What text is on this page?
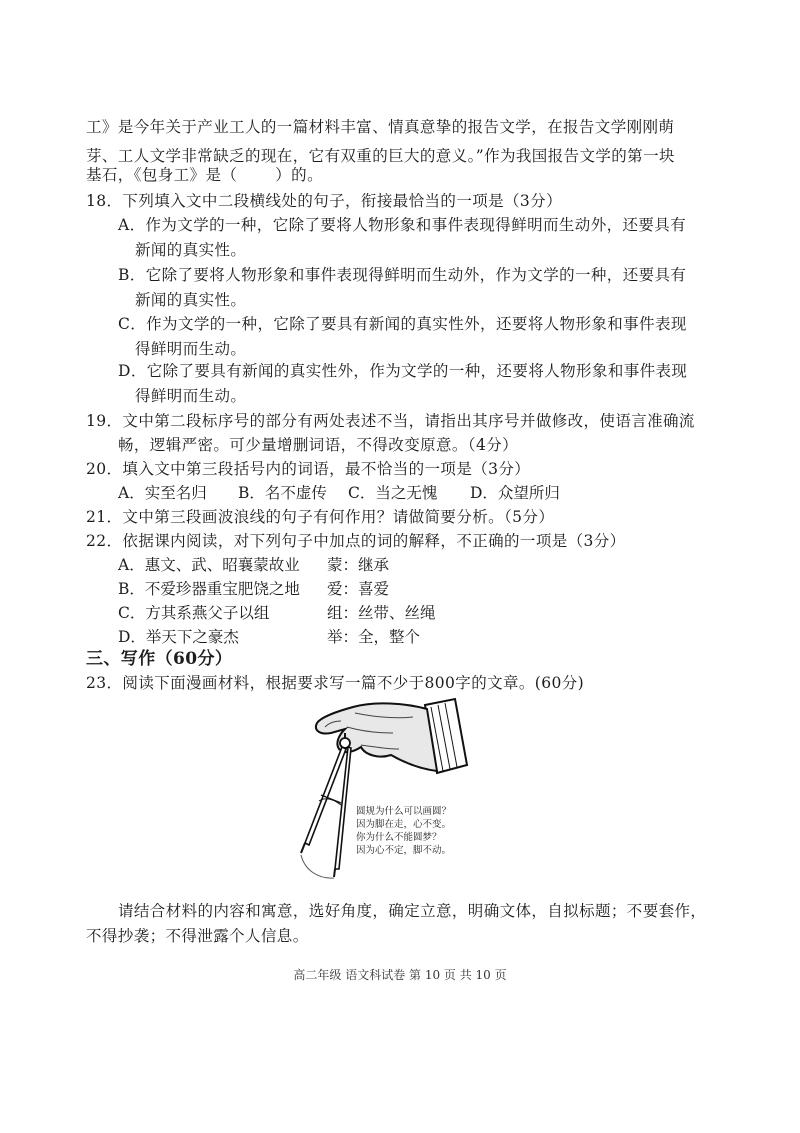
工》是今年关于产业工人的一篇材料丰富、情真意挚的报告文学，在报告文学刚刚萌
芽、工人文学非常缺乏的现在，它有双重的巨大的意义。”作为我国报告文学的第一块
基石，《包身工》是（ ）的。
18．下列填入文中二段横线处的句子，衔接最恰当的一项是（3分）
A．作为文学的一种，它除了要将人物形象和事件表现得鲜明而生动外，还要具有
新闻的真实性。
B．它除了要将人物形象和事件表现得鲜明而生动外，作为文学的一种，还要具有
新闻的真实性。
C．作为文学的一种，它除了要具有新闻的真实性外，还要将人物形象和事件表现
得鲜明而生动。
D．它除了要具有新闻的真实性外，作为文学的一种，还要将人物形象和事件表现
得鲜明而生动。
19．文中第二段标序号的部分有两处表述不当，请指出其序号并做修改，使语言准确流
畅，逻辑严密。可少量增删词语，不得改变原意。（4分）
20．填入文中第三段括号内的词语，最不恰当的一项是（3分）
A．实至名归 B．名不虚传 C．当之无愧 D．众望所归
21．文中第三段画波浪线的句子有何作用？请做简要分析。（5分）
22．依据课内阅读，对下列句子中加点的词的解释，不正确的一项是（3分）
A．惠文、武、昭襄蒙故业 蒙：继承
B．不爱珍器重宝肥饶之地 爱：喜爱
C．方其系燕父子以组	组：丝带、丝绳
D．举天下之豪杰	举：全，整个
三、写作（60分）
23．阅读下面漫画材料，根据要求写一篇不少于800字的文章。(60分)
圆规为什么可以画圆？
因为脚在走，心不变。
你为什么不能圆梦？
因为心不定，脚不动。
请结合材料的内容和寓意，选好角度，确定立意，明确文体，自拟标题；不要套作，
不得抄袭；不得泄露个人信息。
高二年级 语文科试卷 第 10 页 共 10 页
